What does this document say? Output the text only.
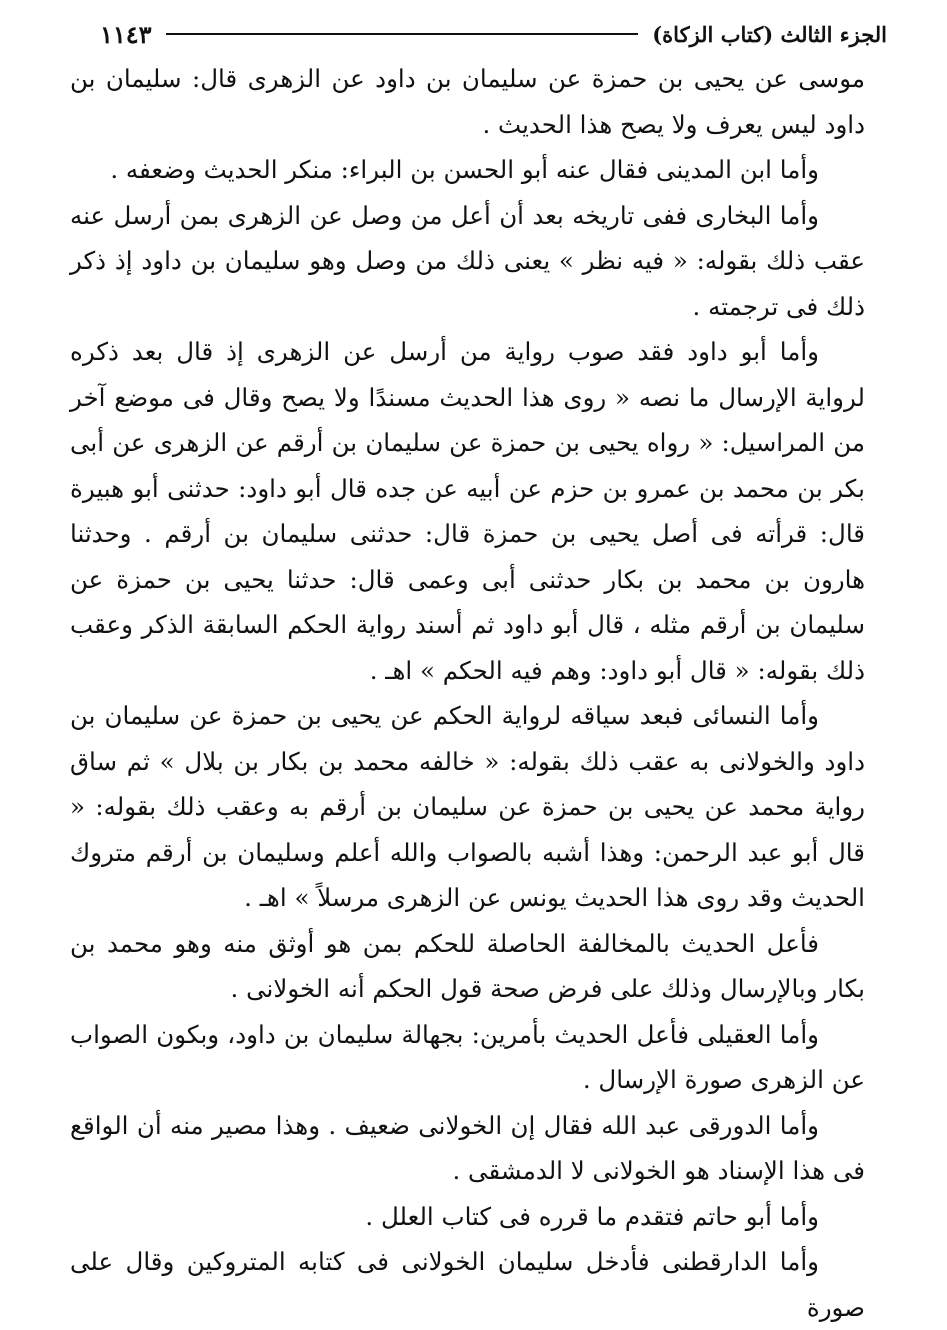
الجزء الثالث (كتاب الزكاة)
١١٤٣

موسى عن يحيى بن حمزة عن سليمان بن داود عن الزهرى قال: سليمان بن داود ليس يعرف ولا يصح هذا الحديث .

وأما ابن المدينى فقال عنه أبو الحسن بن البراء: منكر الحديث وضعفه .

وأما البخارى ففى تاريخه بعد أن أعل من وصل عن الزهرى بمن أرسل عنه عقب ذلك بقوله: « فيه نظر » يعنى ذلك من وصل وهو سليمان بن داود إذ ذكر ذلك فى ترجمته .

وأما أبو داود فقد صوب رواية من أرسل عن الزهرى إذ قال بعد ذكره لرواية الإرسال ما نصه « روى هذا الحديث مسندًا ولا يصح وقال فى موضع آخر من المراسيل: « رواه يحيى بن حمزة عن سليمان بن أرقم عن الزهرى عن أبى بكر بن محمد بن عمرو بن حزم عن أبيه عن جده قال أبو داود: حدثنى أبو هبيرة قال: قرأته فى أصل يحيى بن حمزة قال: حدثنى سليمان بن أرقم . وحدثنا هارون بن محمد بن بكار حدثنى أبى وعمى قال: حدثنا يحيى بن حمزة عن سليمان بن أرقم مثله ، قال أبو داود ثم أسند رواية الحكم السابقة الذكر وعقب ذلك بقوله: « قال أبو داود: وهم فيه الحكم » اهـ .

وأما النسائى فبعد سياقه لرواية الحكم عن يحيى بن حمزة عن سليمان بن داود والخولانى به عقب ذلك بقوله: « خالفه محمد بن بكار بن بلال » ثم ساق رواية محمد عن يحيى بن حمزة عن سليمان بن أرقم به وعقب ذلك بقوله: « قال أبو عبد الرحمن: وهذا أشبه بالصواب والله أعلم وسليمان بن أرقم متروك الحديث وقد روى هذا الحديث يونس عن الزهرى مرسلاً » اهـ .

فأعل الحديث بالمخالفة الحاصلة للحكم بمن هو أوثق منه وهو محمد بن بكار وبالإرسال وذلك على فرض صحة قول الحكم أنه الخولانى .

وأما العقيلى فأعل الحديث بأمرين: بجهالة سليمان بن داود، وبكون الصواب عن الزهرى صورة الإرسال .

وأما الدورقى عبد الله فقال إن الخولانى ضعيف . وهذا مصير منه أن الواقع فى هذا الإسناد هو الخولانى لا الدمشقى .

وأما أبو حاتم فتقدم ما قرره فى كتاب العلل .

وأما الدارقطنى فأدخل سليمان الخولانى فى كتابه المتروكين وقال على صورة
